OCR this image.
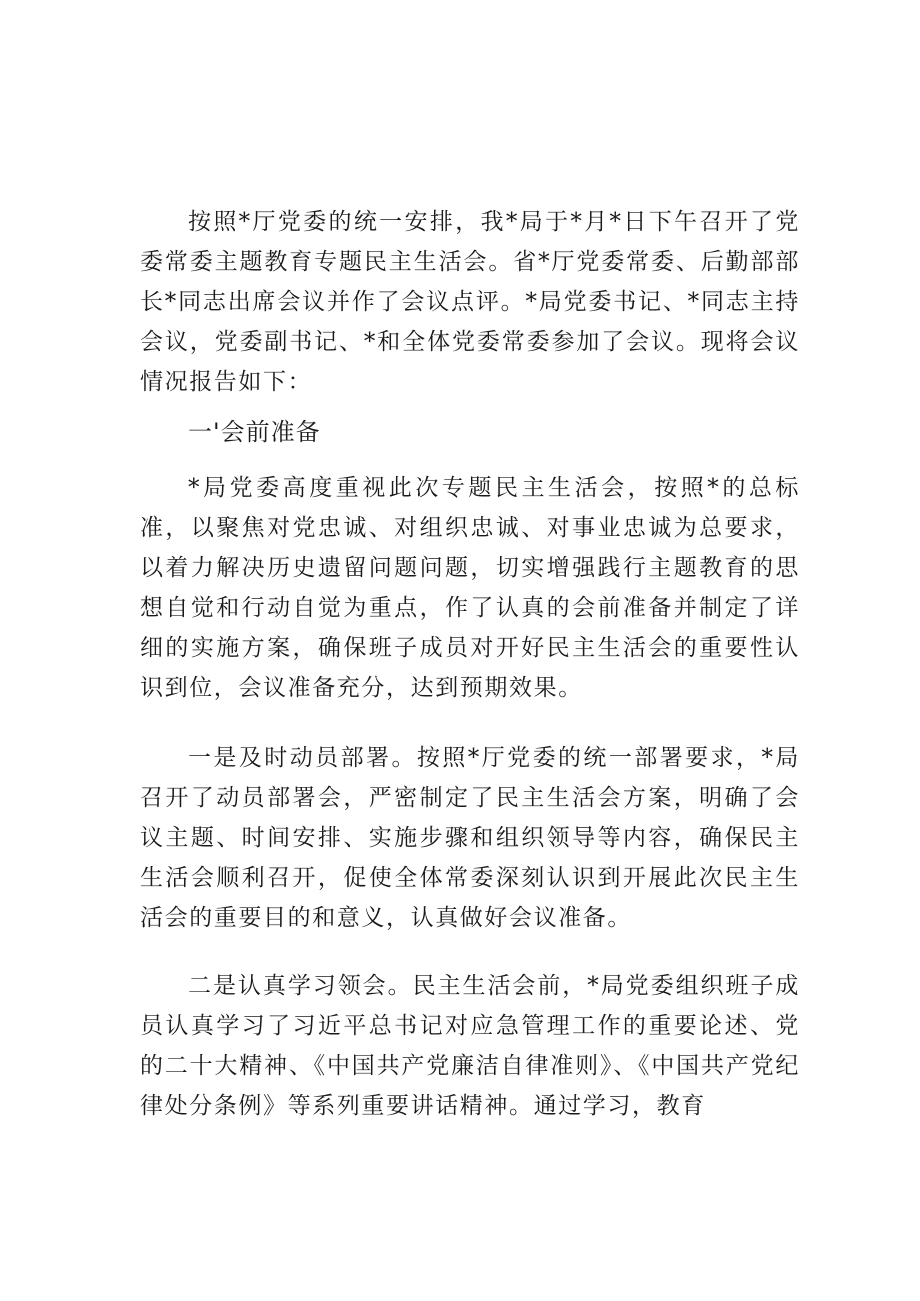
按照*厅党委的统一安排，我*局于*月*日下午召开了党委常委主题教育专题民主生活会。省*厅党委常委、后勤部部长*同志出席会议并作了会议点评。*局党委书记、*同志主持会议，党委副书记、*和全体党委常委参加了会议。现将会议情况报告如下：

一'会前准备

*局党委高度重视此次专题民主生活会，按照*的总标准，以聚焦对党忠诚、对组织忠诚、对事业忠诚为总要求，以着力解决历史遗留问题问题，切实增强践行主题教育的思想自觉和行动自觉为重点，作了认真的会前准备并制定了详细的实施方案，确保班子成员对开好民主生活会的重要性认识到位，会议准备充分，达到预期效果。

一是及时动员部署。按照*厅党委的统一部署要求，*局召开了动员部署会，严密制定了民主生活会方案，明确了会议主题、时间安排、实施步骤和组织领导等内容，确保民主生活会顺利召开，促使全体常委深刻认识到开展此次民主生活会的重要目的和意义，认真做好会议准备。

二是认真学习领会。民主生活会前，*局党委组织班子成员认真学习了习近平总书记对应急管理工作的重要论述、党的二十大精神、《中国共产党廉洁自律准则》、《中国共产党纪律处分条例》等系列重要讲话精神。通过学习，教育
